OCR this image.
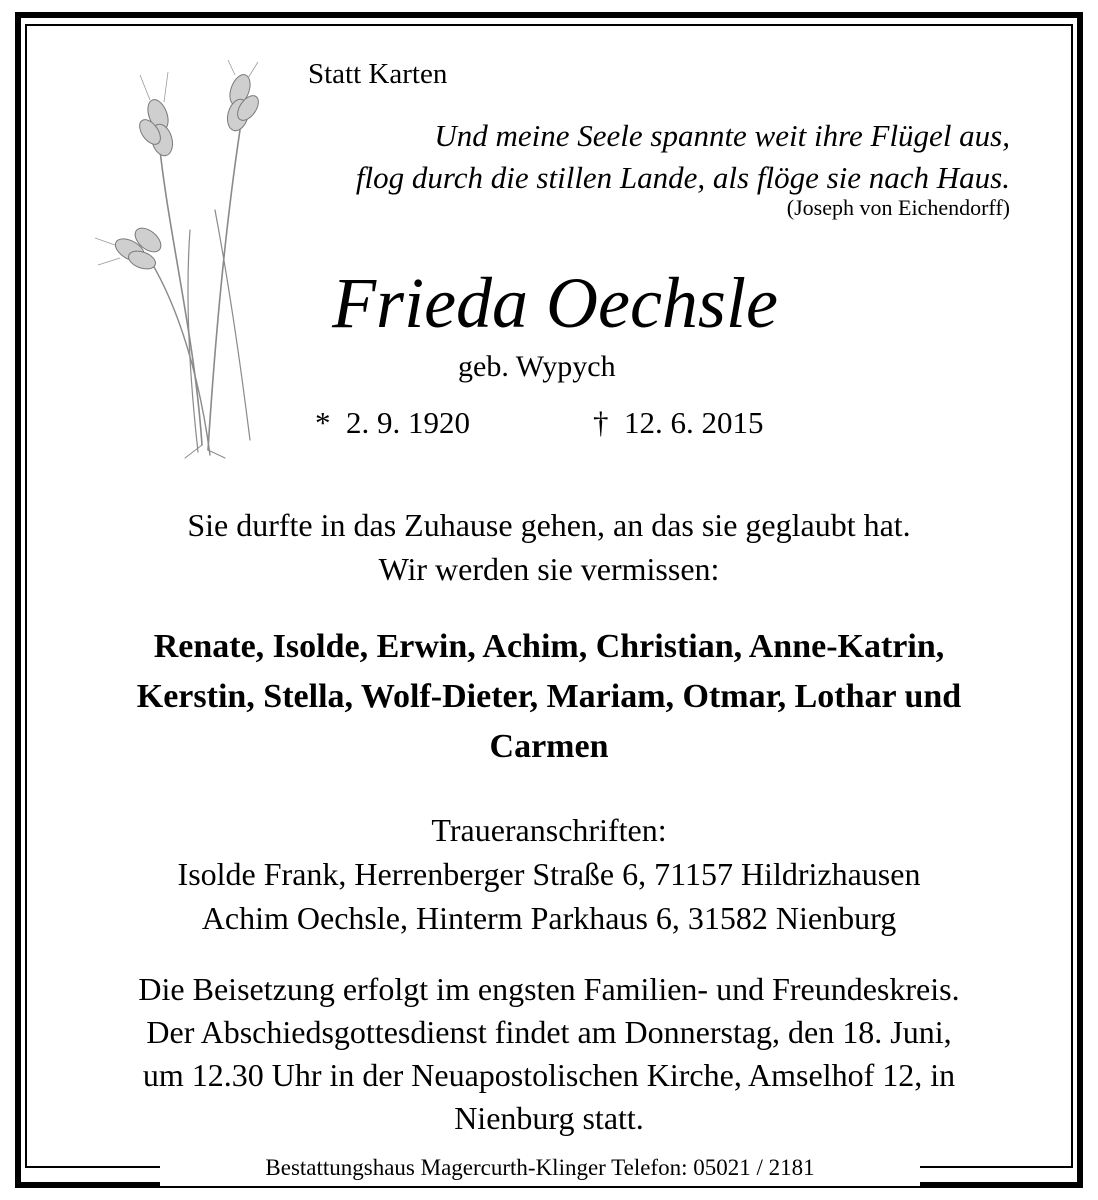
Statt Karten
Und meine Seele spannte weit ihre Flügel aus,
flog durch die stillen Lande, als flöge sie nach Haus.
(Joseph von Eichendorff)
Frieda Oechsle
geb. Wypych
*  2. 9. 1920	†  12. 6. 2015
Sie durfte in das Zuhause gehen, an das sie geglaubt hat.
Wir werden sie vermissen:
Renate, Isolde, Erwin, Achim, Christian, Anne-Katrin,
Kerstin, Stella, Wolf-Dieter, Mariam, Otmar, Lothar und
Carmen
Traueranschriften:
Isolde Frank, Herrenberger Straße 6, 71157 Hildrizhausen
Achim Oechsle, Hinterm Parkhaus 6, 31582 Nienburg
Die Beisetzung erfolgt im engsten Familien- und Freundeskreis.
Der Abschiedsgottesdienst findet am Donnerstag, den 18. Juni,
um 12.30 Uhr in der Neuapostolischen Kirche, Amselhof 12, in
Nienburg statt.
Bestattungshaus Magercurth-Klinger Telefon: 05021 / 2181
